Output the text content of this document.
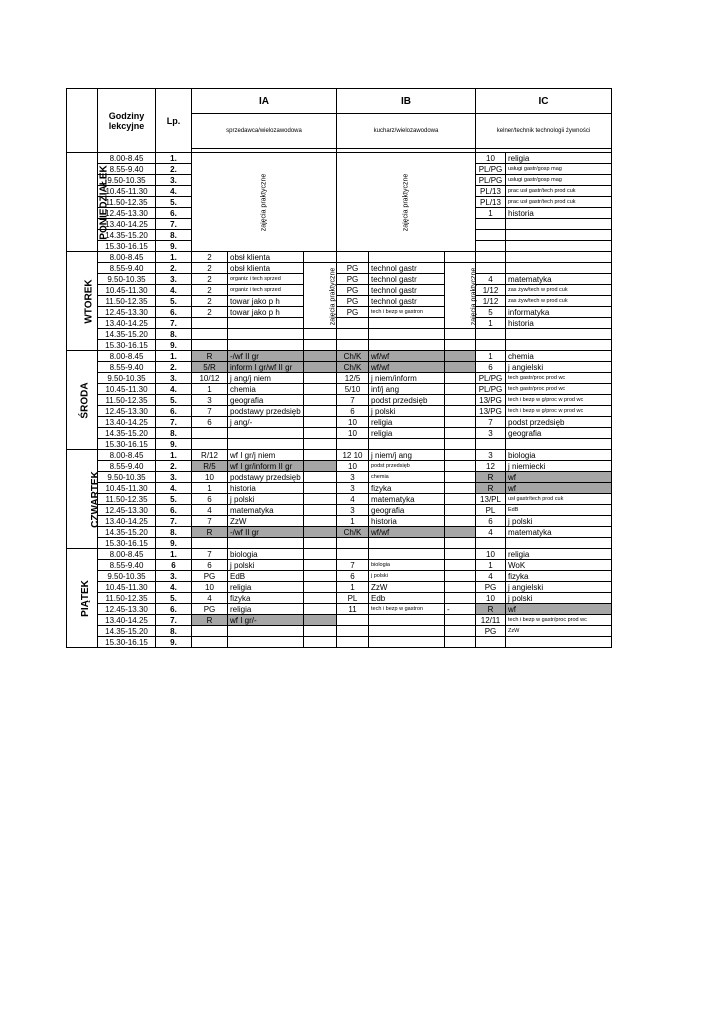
	Godziny lekcyjne	Lp.	IA			IB			IC	
			sprzedawca/wielozawodowa			kucharz/wielozawodowa			kelner/technik technologii żywności	

PONIEDZIAŁEK	8.00-8.45	1.	zajęcia praktyczne			zajęcia praktyczne			10	religia
	8.55-9.40	2.							PL/PG	usługi gastr/gosp mag
	9.50-10.35	3.							PL/PG	usługi gastr/gosp mag
	10.45-11.30	4.							PL/13	prac usł gastr/tech prod cuk
	11.50-12.35	5.							PL/13	prac usł gastr/tech prod cuk
	12.45-13.30	6.							1	historia
	13.40-14.25	7.								
	14.35-15.20	8.								
	15.30-16.15	9.								
WTOREK	8.00-8.45	1.	2	obsł klienta						
	8.55-9.40	2.	2	obsł klienta	zajęcia praktyczne	PG	technol gastr	zajęcia praktyczne		
	9.50-10.35	3.	2	organiz i tech sprzed		PG	technol gastr		4	matematyka
	10.45-11.30	4.	2	organiz i tech sprzed		PG	technol gastr		1/12	zas żyw/tech w prod cuk
	11.50-12.35	5.	2	towar jako p h		PG	technol gastr		1/12	zas żyw/tech w prod cuk
	12.45-13.30	6.	2	towar jako p h		PG	tech i bezp w gastron		5	informatyka
	13.40-14.25	7.							1	historia
	14.35-15.20	8.								
	15.30-16.15	9.								
ŚRODA	8.00-8.45	1.	R	-/wf II gr		Ch/K	wf/wf		1	chemia
	8.55-9.40	2.	5/R	inform I gr/wf II gr		Ch/K	wf/wf		6	j angielski
	9.50-10.35	3.	10/12	j ang/j niem		12/5	j niem/inform		PL/PG	tech gastr/proc prod wc
	10.45-11.30	4.	1	chemia		5/10	inf/j ang		PL/PG	tech gastr/proc prod wc
	11.50-12.35	5.	3	geografia		7	podst przedsięb		13/PG	tech i bezp w g/proc w prod wc
	12.45-13.30	6.	7	podstawy przedsięb		6	j polski		13/PG	tech i bezp w g/proc w prod wc
	13.40-14.25	7.	6	j ang/-		10	religia		7	podst przedsięb
	14.35-15.20	8.				10	religia		3	geografia
	15.30-16.15	9.								
CZWARTEK	8.00-8.45	1.	R/12	wf I gr/j niem		12 10	j niem/j ang		3	biologia
	8.55-9.40	2.	R/5	wf I gr/inform II gr		10	podst przedsięb		12	j niemiecki
	9.50-10.35	3.	10	podstawy przedsięb		3	chemia		R	wf
	10.45-11.30	4.	1	historia		3	fizyka		R	wf
	11.50-12.35	5.	6	j polski		4	matematyka		13/PL	usł gastr/tech prod cuk
	12.45-13.30	6.	4	matematyka		3	geografia		PL	EdB
	13.40-14.25	7.	7	ZzW		1	historia		6	j polski
	14.35-15.20	8.	R	-/wf II gr		Ch/K	wf/wf		4	matematyka
	15.30-16.15	9.								
PIĄTEK	8.00-8.45	1.	7	biologia					10	religia
	8.55-9.40	6	6	j polski		7	biologia		1	WoK
	9.50-10.35	3.	PG	EdB		6	j polski		4	fizyka
	10.45-11.30	4.	10	religia		1	ZzW		PG	j angielski
	11.50-12.35	5.	4	fizyka		PL	Edb		10	j polski
	12.45-13.30	6.	PG	religia		11	tech i bezp w gastron	-	R	wf
	13.40-14.25	7.	R	wf I gr/-					12/11	tech i bezp w gastr/proc prod wc
	14.35-15.20	8.							PG	ZzW
	15.30-16.15	9.								
